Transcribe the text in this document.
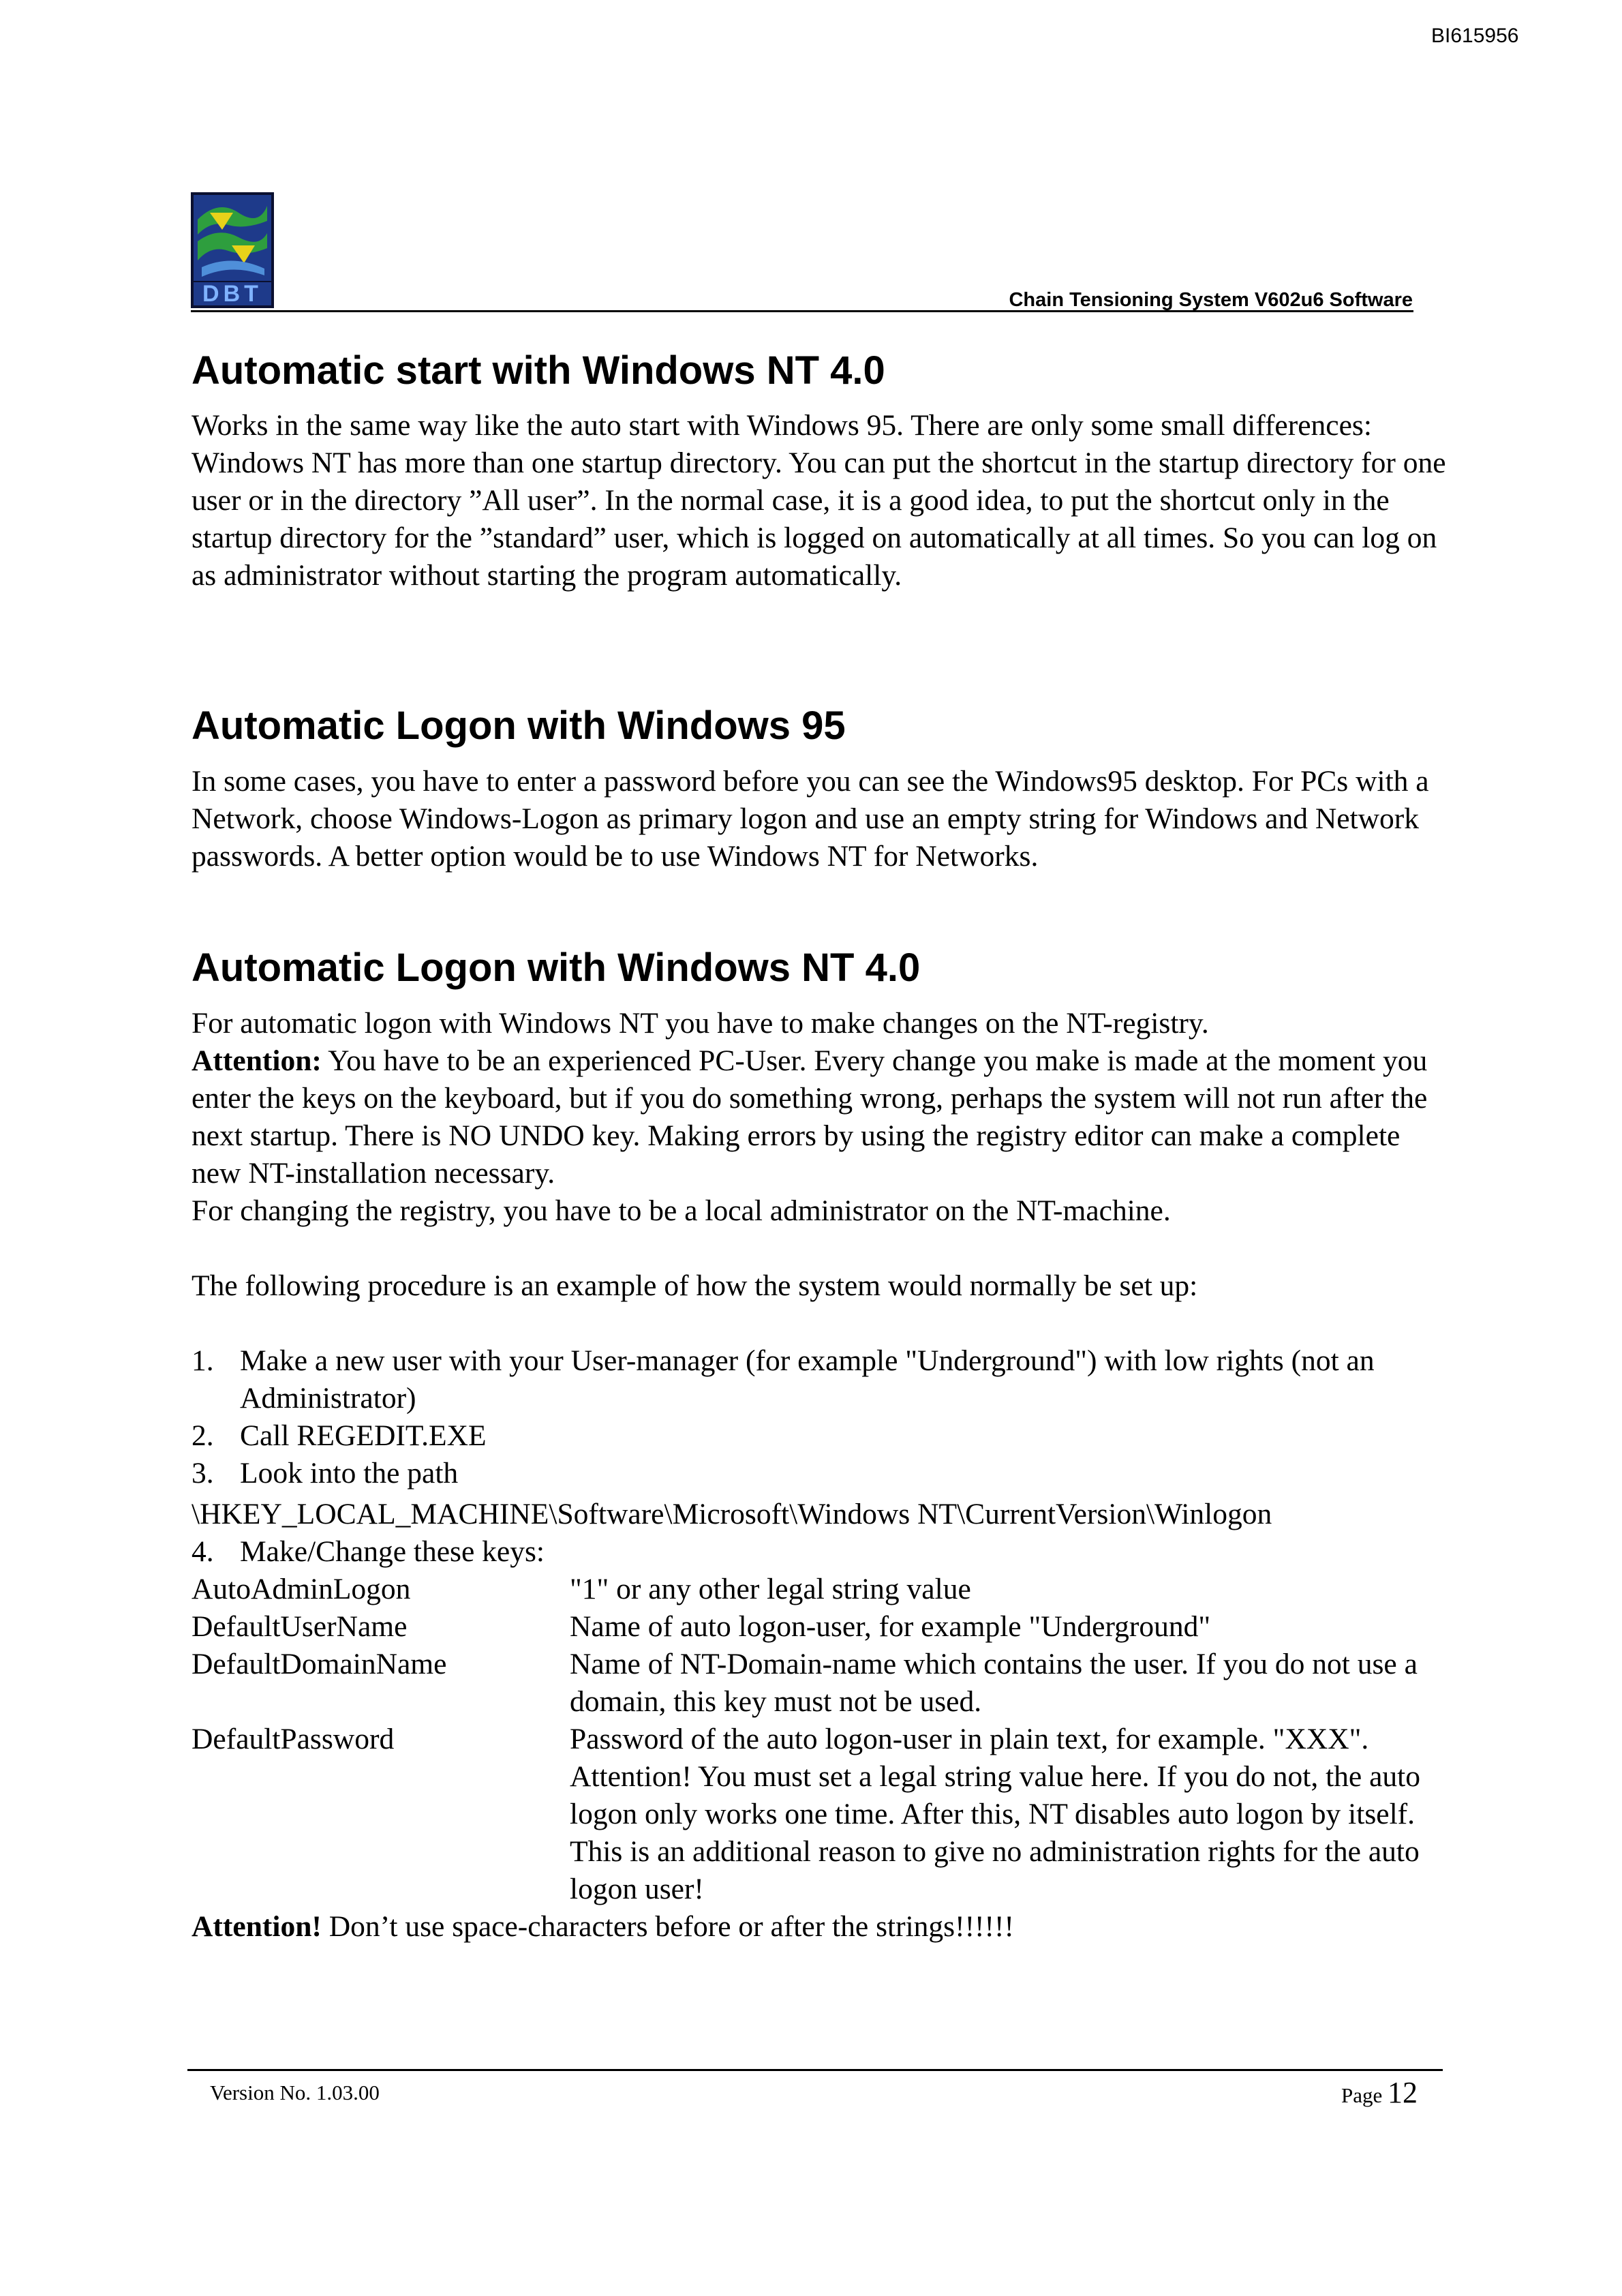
BI615956
DBT	Chain Tensioning System V602u6 Software
Automatic start with Windows NT 4.0

Works in the same way like the auto start with Windows 95. There are only some small differences: Windows NT has more than one startup directory. You can put the shortcut in the startup directory for one user or in the directory ”All user”. In the normal case, it is a good idea, to put the shortcut only in the startup directory for the ”standard” user, which is logged on automatically at all times. So you can log on as administrator without starting the program automatically.

Automatic Logon with Windows 95

In some cases, you have to enter a password before you can see the Windows95 desktop. For PCs with a Network, choose Windows-Logon as primary logon and use an empty string for Windows and Network passwords. A better option would be to use Windows NT for Networks.

Automatic Logon with Windows NT 4.0
For automatic logon with Windows NT you have to make changes on the NT-registry.
Attention: You have to be an experienced PC-User. Every change you make is made at the moment you enter the keys on the keyboard, but if you do something wrong, perhaps the system will not run after the next startup. There is NO UNDO key. Making errors by using the registry editor can make a complete new NT-installation necessary.
For changing the registry, you have to be a local administrator on the NT-machine.

The following procedure is an example of how the system would normally be set up:

1. Make a new user with your User-manager (for example "Underground") with low rights (not an Administrator)
2. Call REGEDIT.EXE
3. Look into the path
\HKEY_LOCAL_MACHINE\Software\Microsoft\Windows NT\CurrentVersion\Winlogon
4. Make/Change these keys:
AutoAdminLogon	"1" or any other legal string value
DefaultUserName	Name of auto logon-user, for example "Underground"
DefaultDomainName	Name of NT-Domain-name which contains the user. If you do not use a domain, this key must not be used.
DefaultPassword	Password of the auto logon-user in plain text, for example. "XXX". Attention! You must set a legal string value here. If you do not, the auto logon only works one time. After this, NT disables auto logon by itself. This is an additional reason to give no administration rights for the auto logon user!
Attention! Don’t use space-characters before or after the strings!!!!!!
Version No. 1.03.00	Page 12
